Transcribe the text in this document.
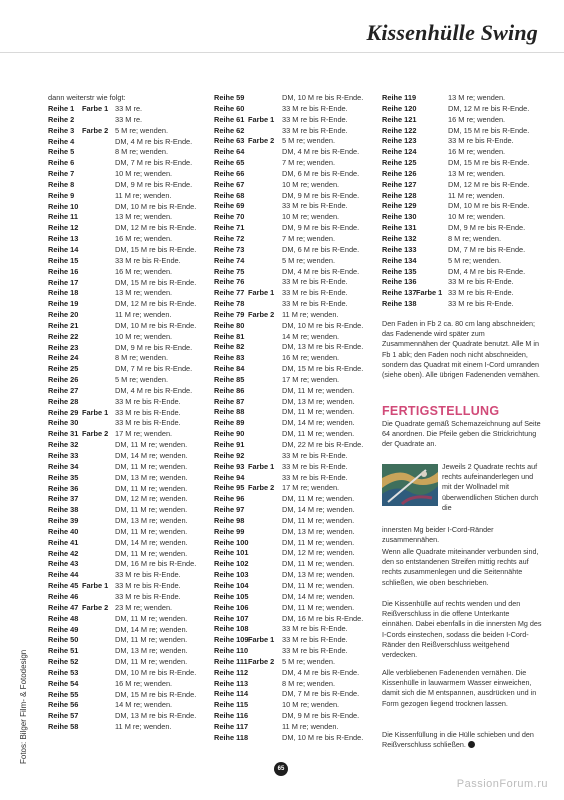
Kissenhülle Swing
Fotos: Bilger Film- & Fotodesign
dann weiterstr wie folgt:
Reihe 1	Farbe 1 33 M re.
Reihe 2	33 M re.
Reihe 3	Farbe 2 5 M re; wenden.
Reihe 4	DM, 4 M re bis R-Ende.
Reihe 5	8 M re; wenden.
Reihe 6	DM, 7 M re bis R-Ende.
Reihe 7	10 M re; wenden.
Reihe 8	DM, 9 M re bis R-Ende.
Reihe 9	11 M re; wenden.
Reihe 10	DM, 10 M re bis R-Ende.
Reihe 11	13 M re; wenden.
Reihe 12	DM, 12 M re bis R-Ende.
Reihe 13	16 M re; wenden.
Reihe 14	DM, 15 M re bis R-Ende.
Reihe 15	33 M re bis R-Ende.
Reihe 16	16 M re; wenden.
Reihe 17	DM, 15 M re bis R-Ende.
Reihe 18	13 M re; wenden.
Reihe 19	DM, 12 M re bis R-Ende.
Reihe 20	11 M re; wenden.
Reihe 21	DM, 10 M re bis R-Ende.
Reihe 22	10 M re; wenden.
Reihe 23	DM, 9 M re bis R-Ende.
Reihe 24	8 M re; wenden.
Reihe 25	DM, 7 M re bis R-Ende.
Reihe 26	5 M re; wenden.
Reihe 27	DM, 4 M re bis R-Ende.
Reihe 28	33 M re bis R-Ende.
Reihe 29 Farbe 1 33 M re bis R-Ende.
Reihe 30	33 M re bis R-Ende.
Reihe 31 Farbe 2 17 M re; wenden.
Reihe 32	DM, 11 M re; wenden.
Reihe 33	DM, 14 M re; wenden.
Reihe 34	DM, 11 M re; wenden.
Reihe 35	DM, 13 M re; wenden.
Reihe 36	DM, 11 M re; wenden.
Reihe 37	DM, 12 M re; wenden.
Reihe 38	DM, 11 M re; wenden.
Reihe 39	DM, 13 M re; wenden.
Reihe 40	DM, 11 M re; wenden.
Reihe 41	DM, 14 M re; wenden.
Reihe 42	DM, 11 M re; wenden.
Reihe 43	DM, 16 M re bis R-Ende.
Reihe 44	33 M re bis R-Ende.
Reihe 45 Farbe 1 33 M re bis R-Ende.
Reihe 46	33 M re bis R-Ende.
Reihe 47 Farbe 2 23 M re; wenden.
Reihe 48	DM, 11 M re; wenden.
Reihe 49	DM, 14 M re; wenden.
Reihe 50	DM, 11 M re; wenden.
Reihe 51	DM, 13 M re; wenden.
Reihe 52	DM, 11 M re; wenden.
Reihe 53	DM, 10 M re bis R-Ende.
Reihe 54	16 M re; wenden.
Reihe 55	DM, 15 M re bis R-Ende.
Reihe 56	14 M re; wenden.
Reihe 57	DM, 13 M re bis R-Ende.
Reihe 58	11 M re; wenden.
Reihe 59	DM, 10 M re bis R-Ende.
Reihe 60	33 M re bis R-Ende.
Reihe 61 Farbe 1	33 M re bis R-Ende.
Reihe 62	33 M re bis R-Ende.
Reihe 63 Farbe 2	5 M re; wenden.
Reihe 64	DM, 4 M re bis R-Ende.
Reihe 65	7 M re; wenden.
Reihe 66	DM, 6 M re bis R-Ende.
Reihe 67	10 M re; wenden.
Reihe 68	DM, 9 M re bis R-Ende.
Reihe 69	33 M re bis R-Ende.
Reihe 70	10 M re; wenden.
Reihe 71	DM, 9 M re bis R-Ende.
Reihe 72	7 M re; wenden.
Reihe 73	DM, 6 M re bis R-Ende.
Reihe 74	5 M re; wenden.
Reihe 75	DM, 4 M re bis R-Ende.
Reihe 76	33 M re bis R-Ende.
Reihe 77 Farbe 1	33 M re bis R-Ende.
Reihe 78	33 M re bis R-Ende.
Reihe 79 Farbe 2	11 M re; wenden.
Reihe 80	DM, 10 M re bis R-Ende.
Reihe 81	14 M re; wenden.
Reihe 82	DM, 13 M re bis R-Ende.
Reihe 83	16 M re; wenden.
Reihe 84	DM, 15 M re bis R-Ende.
Reihe 85	17 M re; wenden.
Reihe 86	DM, 11 M re; wenden.
Reihe 87	DM, 13 M re; wenden.
Reihe 88	DM, 11 M re; wenden.
Reihe 89	DM, 14 M re; wenden.
Reihe 90	DM, 11 M re; wenden.
Reihe 91	DM, 22 M re bis R-Ende.
Reihe 92	33 M re bis R-Ende.
Reihe 93 Farbe 1	33 M re bis R-Ende.
Reihe 94	33 M re bis R-Ende.
Reihe 95 Farbe 2	17 M re; wenden.
Reihe 96	DM, 11 M re; wenden.
Reihe 97	DM, 14 M re; wenden.
Reihe 98	DM, 11 M re; wenden.
Reihe 99	DM, 13 M re; wenden.
Reihe 100	DM, 11 M re; wenden.
Reihe 101	DM, 12 M re; wenden.
Reihe 102	DM, 11 M re; wenden.
Reihe 103	DM, 13 M re; wenden.
Reihe 104	DM, 11 M re; wenden.
Reihe 105	DM, 14 M re; wenden.
Reihe 106	DM, 11 M re; wenden.
Reihe 107	DM, 16 M re bis R-Ende.
Reihe 108	33 M re bis R-Ende.
Reihe 109 Farbe 1	33 M re bis R-Ende.
Reihe 110	33 M re bis R-Ende.
Reihe 111 Farbe 2	5 M re; wenden.
Reihe 112	DM, 4 M re bis R-Ende.
Reihe 113	8 M re; wenden.
Reihe 114	DM, 7 M re bis R-Ende.
Reihe 115	10 M re; wenden.
Reihe 116	DM, 9 M re bis R-Ende.
Reihe 117	11 M re; wenden.
Reihe 118	DM, 10 M re bis R-Ende.
Reihe 119	13 M re; wenden.
Reihe 120	DM, 12 M re bis R-Ende.
Reihe 121	16 M re; wenden.
Reihe 122	DM, 15 M re bis R-Ende.
Reihe 123	33 M re bis R-Ende.
Reihe 124	16 M re; wenden.
Reihe 125	DM, 15 M re bis R-Ende.
Reihe 126	13 M re; wenden.
Reihe 127	DM, 12 M re bis R-Ende.
Reihe 128	11 M re; wenden.
Reihe 129	DM, 10 M re bis R-Ende.
Reihe 130	10 M re; wenden.
Reihe 131	DM, 9 M re bis R-Ende.
Reihe 132	8 M re; wenden.
Reihe 133	DM, 7 M re bis R-Ende.
Reihe 134	5 M re; wenden.
Reihe 135	DM, 4 M re bis R-Ende.
Reihe 136	33 M re bis R-Ende.
Reihe 137 Farbe 1 33 M re bis R-Ende.
Reihe 138	33 M re bis R-Ende.
Den Faden in Fb 2 ca. 80 cm lang abschneiden; das Fadenende wird später zum Zusammennähen der Quadrate benutzt. Alle M in Fb 1 abk; den Faden noch nicht abschneiden, sondern das Quadrat mit einem I-Cord umranden (siehe oben). Alle übrigen Fadenenden vernähen.
FERTIGSTELLUNG
Die Quadrate gemäß Schemazeichnung auf Seite 64 anordnen. Die Pfeile geben die Strickrichtung der Quadrate an.
Jeweils 2 Quadrate rechts auf rechts aufeinanderlegen und mit der Wollnadel mit überwendlichen Stichen durch die
innersten Mg beider I-Cord-Ränder zusammennähen.
Wenn alle Quadrate miteinander verbunden sind, den so entstandenen Streifen mittig rechts auf rechts zusammenlegen und die Seitennähte schließen, wie oben beschrieben.
Die Kissenhülle auf rechts wenden und den Reißverschluss in die offene Unterkante einnähen. Dabei ebenfalls in die innersten Mg des I-Cords einstechen, sodass die beiden I-Cord-Ränder den Reißverschluss weitgehend verdecken.
Alle verbliebenen Fadenenden vernähen. Die Kissenhülle in lauwarmem Wasser einweichen, damit sich die M entspannen, ausdrücken und in Form gezogen liegend trocknen lassen.
Die Kissenfüllung in die Hülle schieben und den Reißverschluss schließen.
65
PassionForum.ru
